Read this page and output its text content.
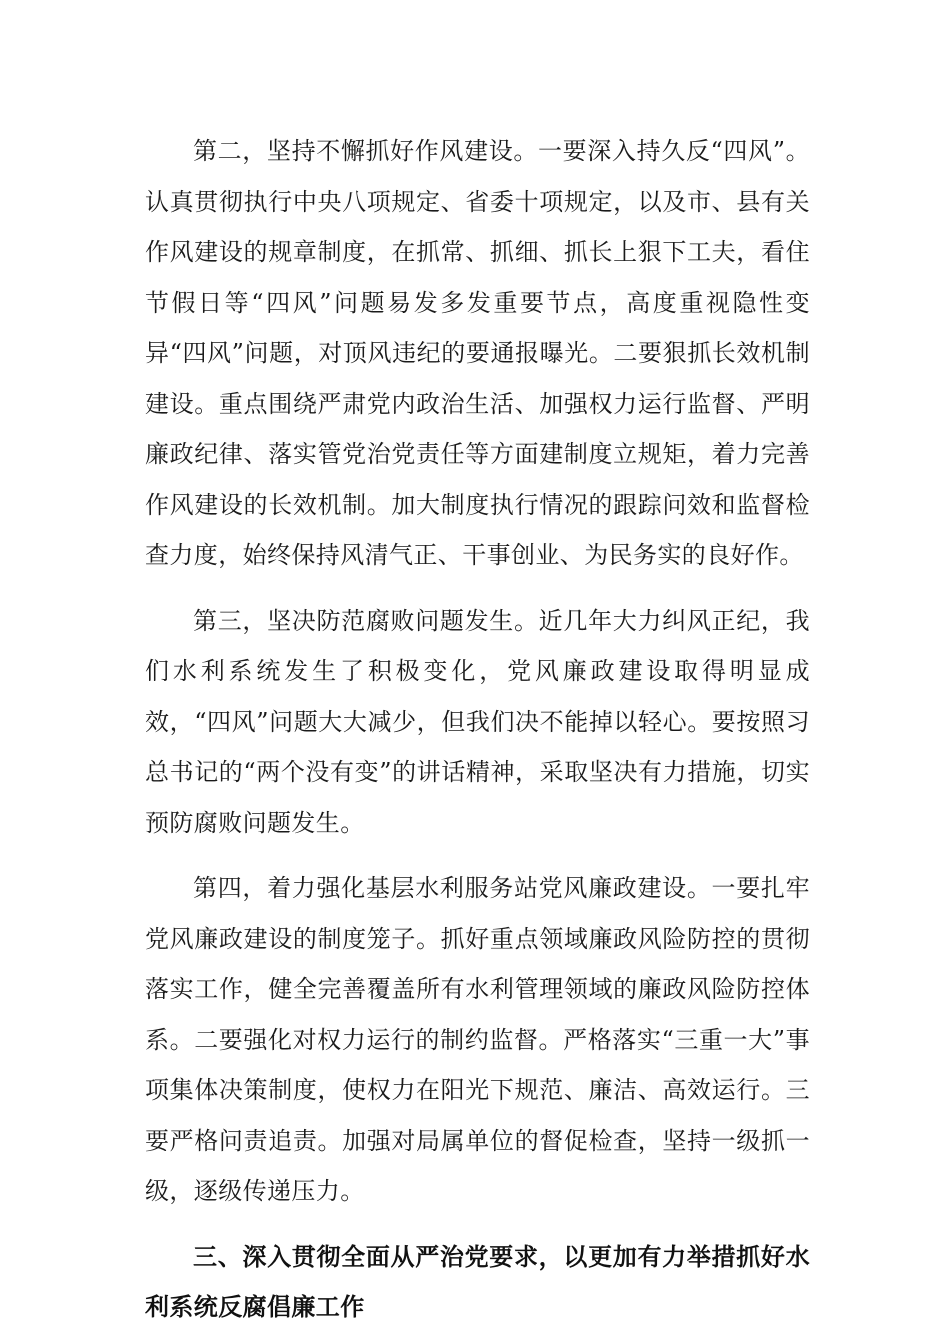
第二，坚持不懈抓好作风建设。一要深入持久反“四风”。认真贯彻执行中央八项规定、省委十项规定，以及市、县有关作风建设的规章制度，在抓常、抓细、抓长上狠下工夫，看住节假日等“四风”问题易发多发重要节点，高度重视隐性变异“四风”问题，对顶风违纪的要通报曝光。二要狠抓长效机制建设。重点围绕严肃党内政治生活、加强权力运行监督、严明廉政纪律、落实管党治党责任等方面建制度立规矩，着力完善作风建设的长效机制。加大制度执行情况的跟踪问效和监督检查力度，始终保持风清气正、干事创业、为民务实的良好作。

第三，坚决防范腐败问题发生。近几年大力纠风正纪，我们水利系统发生了积极变化，党风廉政建设取得明显成效，“四风”问题大大减少，但我们决不能掉以轻心。要按照习总书记的“两个没有变”的讲话精神，采取坚决有力措施，切实预防腐败问题发生。

第四，着力强化基层水利服务站党风廉政建设。一要扎牢党风廉政建设的制度笼子。抓好重点领域廉政风险防控的贯彻落实工作，健全完善覆盖所有水利管理领域的廉政风险防控体系。二要强化对权力运行的制约监督。严格落实“三重一大”事项集体决策制度，使权力在阳光下规范、廉洁、高效运行。三要严格问责追责。加强对局属单位的督促检查，坚持一级抓一级，逐级传递压力。

三、深入贯彻全面从严治党要求，以更加有力举措抓好水利系统反腐倡廉工作
